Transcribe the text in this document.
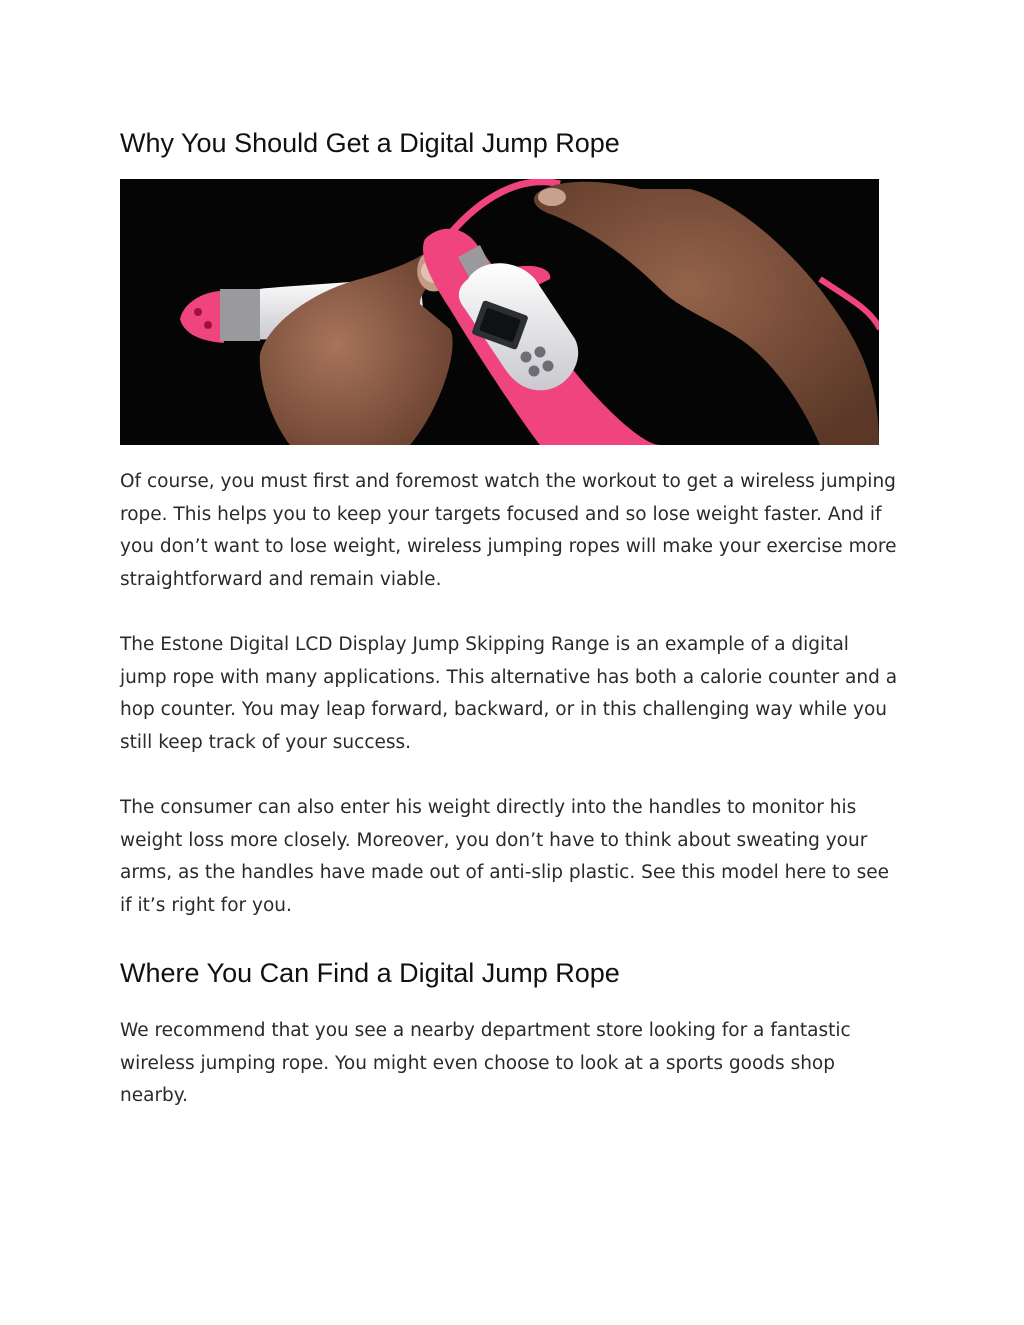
Why You Should Get a Digital Jump Rope

Of course, you must first and foremost watch the workout to get a wireless jumping rope. This helps you to keep your targets focused and so lose weight faster. And if you don’t want to lose weight, wireless jumping ropes will make your exercise more straightforward and remain viable.

The Estone Digital LCD Display Jump Skipping Range is an example of a digital jump rope with many applications. This alternative has both a calorie counter and a hop counter. You may leap forward, backward, or in this challenging way while you still keep track of your success.

The consumer can also enter his weight directly into the handles to monitor his weight loss more closely. Moreover, you don’t have to think about sweating your arms, as the handles have made out of anti-slip plastic. See this model here to see if it’s right for you.

Where You Can Find a Digital Jump Rope

We recommend that you see a nearby department store looking for a fantastic wireless jumping rope. You might even choose to look at a sports goods shop nearby.
